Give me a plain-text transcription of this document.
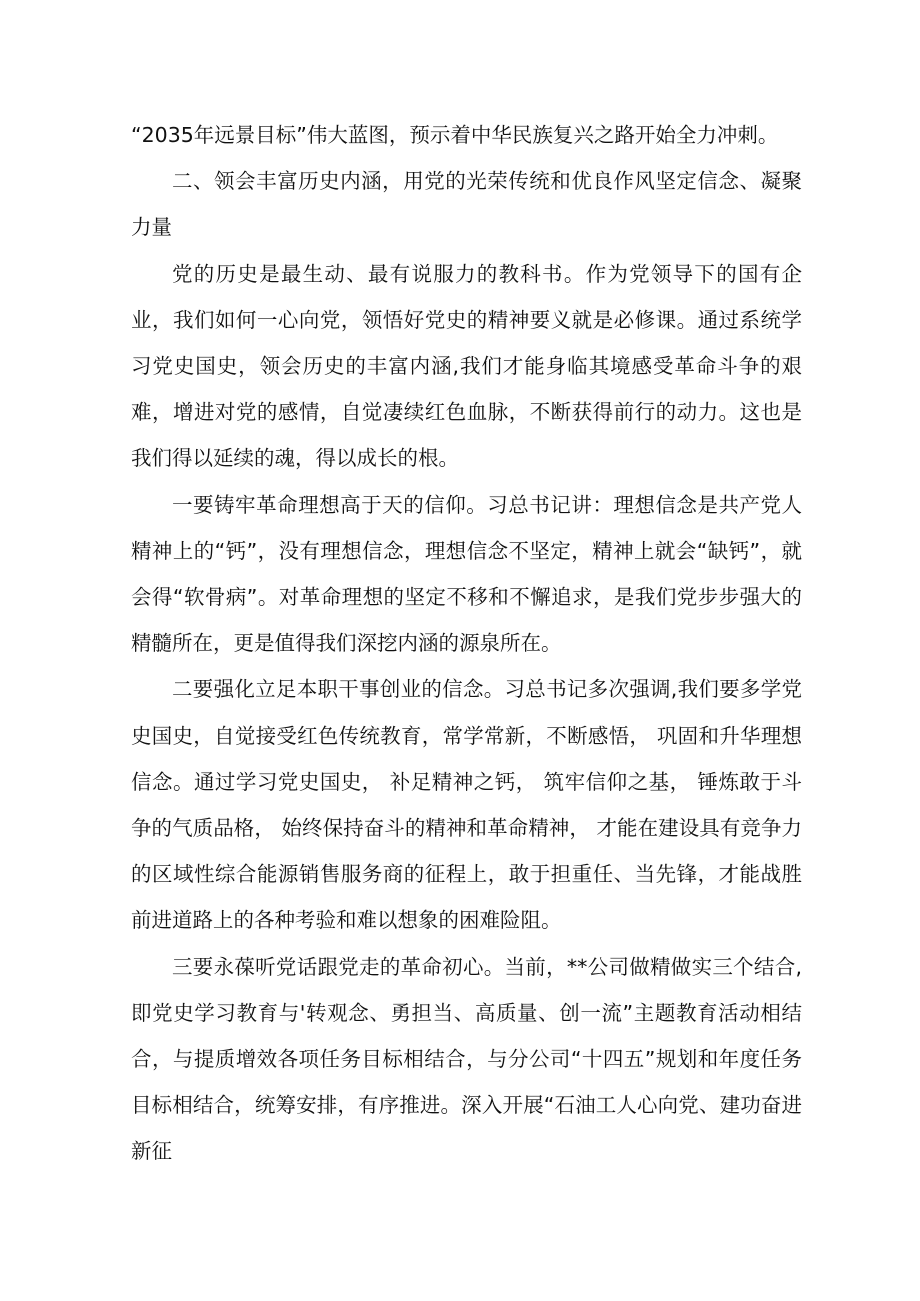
“2035年远景目标”伟大蓝图，预示着中华民族复兴之路开始全力冲刺。

二、领会丰富历史内涵，用党的光荣传统和优良作风坚定信念、凝聚力量

党的历史是最生动、最有说服力的教科书。作为党领导下的国有企业，我们如何一心向党，领悟好党史的精神要义就是必修课。通过系统学习党史国史，领会历史的丰富内涵,我们才能身临其境感受革命斗争的艰难，增进对党的感情，自觉凄续红色血脉，不断获得前行的动力。这也是我们得以延续的魂，得以成长的根。

一要铸牢革命理想高于天的信仰。习总书记讲：理想信念是共产党人精神上的“钙”，没有理想信念，理想信念不坚定，精神上就会“缺钙”，就会得“软骨病”。对革命理想的坚定不移和不懈追求，是我们党步步强大的精髓所在，更是值得我们深挖内涵的源泉所在。

二要强化立足本职干事创业的信念。习总书记多次强调,我们要多学党史国史，自觉接受红色传统教育，常学常新，不断感悟， 巩固和升华理想信念。通过学习党史国史， 补足精神之钙， 筑牢信仰之基， 锤炼敢于斗争的气质品格， 始终保持奋斗的精神和革命精神， 才能在建设具有竞争力的区域性综合能源销售服务商的征程上，敢于担重任、当先锋，才能战胜前进道路上的各种考验和难以想象的困难险阻。

三要永葆听党话跟党走的革命初心。当前，**公司做精做实三个结合,即党史学习教育与'转观念、勇担当、高质量、创一流”主题教育活动相结合，与提质增效各项任务目标相结合，与分公司“十四五”规划和年度任务目标相结合，统筹安排，有序推进。深入开展“石油工人心向党、建功奋进新征
